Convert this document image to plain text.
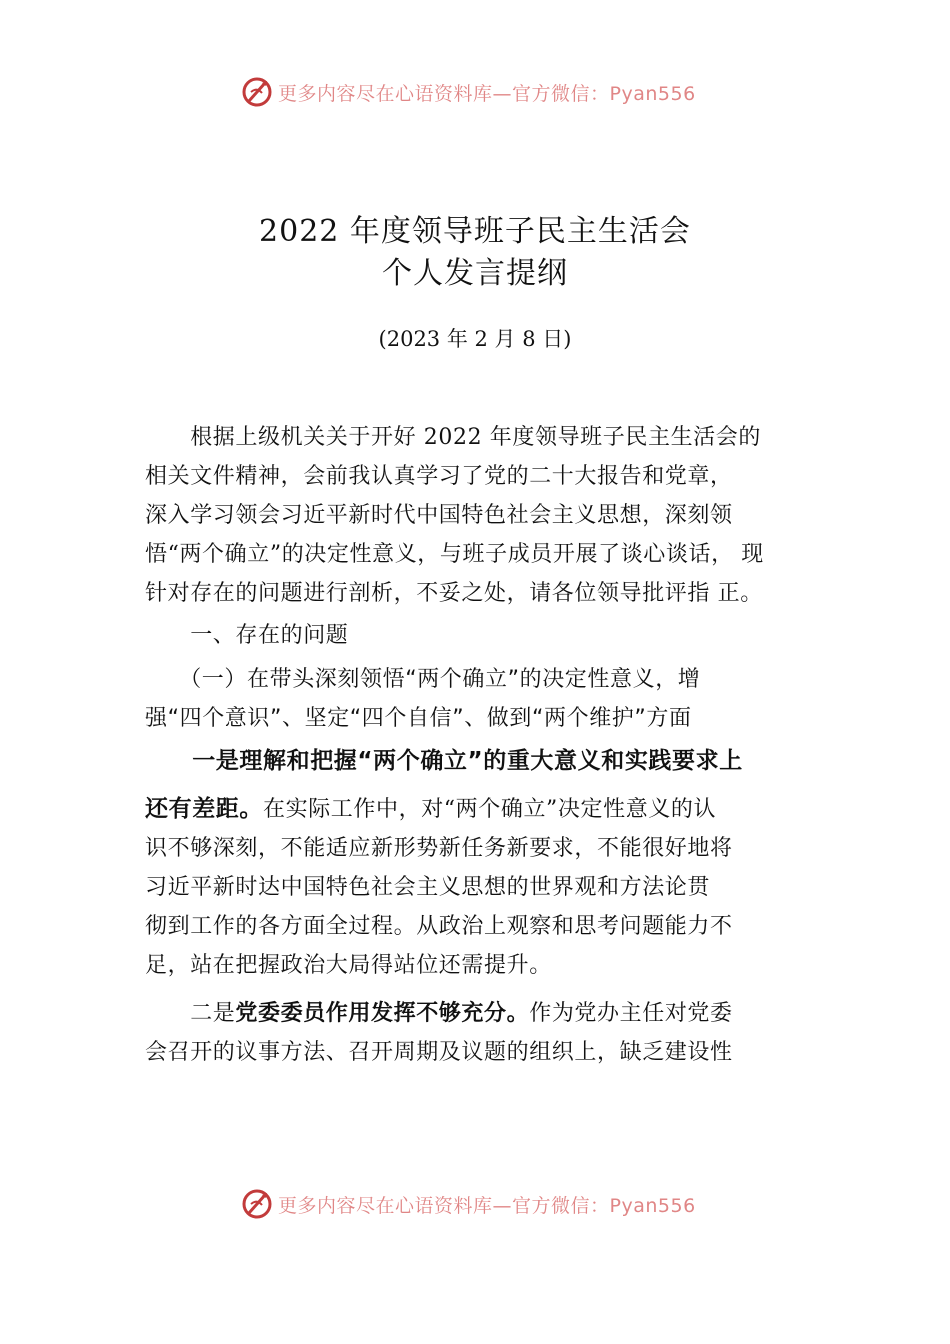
更多内容尽在心语资料库—官方微信：Pyan556
2022 年度领导班子民主生活会
个人发言提纲
(2023 年 2 月 8 日)
　　根据上级机关关于开好 2022 年度领导班子民主生活会的
相关文件精神，会前我认真学习了党的二十大报告和党章，
深入学习领会习近平新时代中国特色社会主义思想，深刻领
悟“两个确立”的决定性意义，与班子成员开展了谈心谈话， 现
针对存在的问题进行剖析，不妥之处，请各位领导批评指 正。
　　一、存在的问题
　　（一）在带头深刻领悟“两个确立”的决定性意义，增
强“四个意识”、坚定“四个自信”、做到“两个维护”方面
　　一是理解和把握“两个确立”的重大意义和实践要求上
还有差距。在实际工作中，对“两个确立”决定性意义的认
识不够深刻，不能适应新形势新任务新要求，不能很好地将
习近平新时达中国特色社会主义思想的世界观和方法论贯
彻到工作的各方面全过程。从政治上观察和思考问题能力不
足，站在把握政治大局得站位还需提升。
　　二是党委委员作用发挥不够充分。作为党办主任对党委
会召开的议事方法、召开周期及议题的组织上，缺乏建设性
更多内容尽在心语资料库—官方微信：Pyan556
